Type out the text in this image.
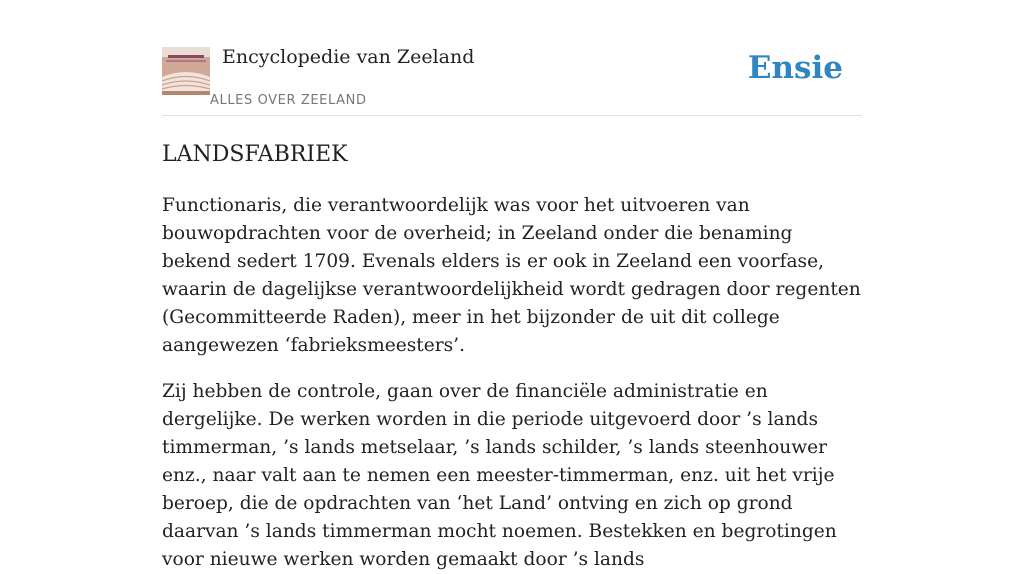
Encyclopedie van Zeeland
ALLES OVER ZEELAND
Ensie
LANDSFABRIEK

Functionaris, die verantwoordelijk was voor het uitvoeren van bouwopdrachten voor de overheid; in Zeeland onder die benaming bekend sedert 1709. Evenals elders is er ook in Zeeland een voorfase, waarin de dagelijkse verantwoordelijkheid wordt gedragen door regenten (Gecommitteerde Raden), meer in het bijzonder de uit dit college aangewezen ‘fabrieksmeesters’.

Zij hebben de controle, gaan over de financiële administratie en dergelijke. De werken worden in die periode uitgevoerd door ’s lands timmerman, ’s lands metselaar, ’s lands schilder, ’s lands steenhouwer enz., naar valt aan te nemen een meester-timmerman, enz. uit het vrije beroep, die de opdrachten van ‘het Land’ ontving en zich op grond daarvan ’s lands timmerman mocht noemen. Bestekken en begrotingen voor nieuwe werken worden gemaakt door ’s lands
